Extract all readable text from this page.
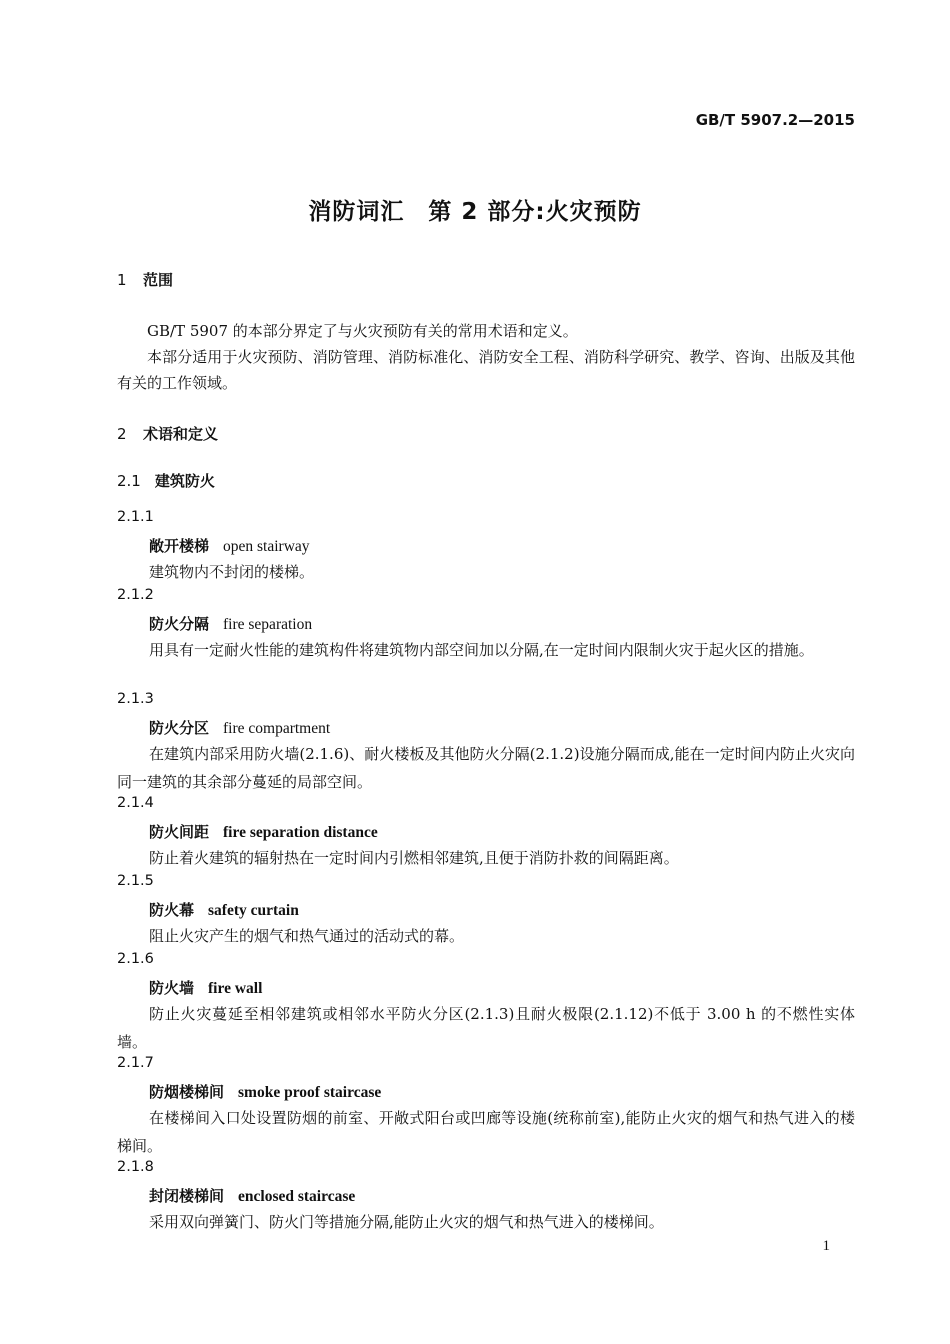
GB/T 5907.2—2015
消防词汇　第 2 部分:火灾预防
1 范围
GB/T 5907 的本部分界定了与火灾预防有关的常用术语和定义。
本部分适用于火灾预防、消防管理、消防标准化、消防安全工程、消防科学研究、教学、咨询、出版及其他有关的工作领域。
2 术语和定义
2.1 建筑防火
2.1.1
敞开楼梯 open stairway
建筑物内不封闭的楼梯。
2.1.2
防火分隔 fire separation
用具有一定耐火性能的建筑构件将建筑物内部空间加以分隔,在一定时间内限制火灾于起火区的措施。
2.1.3
防火分区 fire compartment
在建筑内部采用防火墙(2.1.6)、耐火楼板及其他防火分隔(2.1.2)设施分隔而成,能在一定时间内防止火灾向同一建筑的其余部分蔓延的局部空间。
2.1.4
防火间距 fire separation distance
防止着火建筑的辐射热在一定时间内引燃相邻建筑,且便于消防扑救的间隔距离。
2.1.5
防火幕 safety curtain
阻止火灾产生的烟气和热气通过的活动式的幕。
2.1.6
防火墙 fire wall
防止火灾蔓延至相邻建筑或相邻水平防火分区(2.1.3)且耐火极限(2.1.12)不低于 3.00 h 的不燃性实体墙。
2.1.7
防烟楼梯间 smoke proof staircase
在楼梯间入口处设置防烟的前室、开敞式阳台或凹廊等设施(统称前室),能防止火灾的烟气和热气进入的楼梯间。
2.1.8
封闭楼梯间 enclosed staircase
采用双向弹簧门、防火门等措施分隔,能防止火灾的烟气和热气进入的楼梯间。
1
